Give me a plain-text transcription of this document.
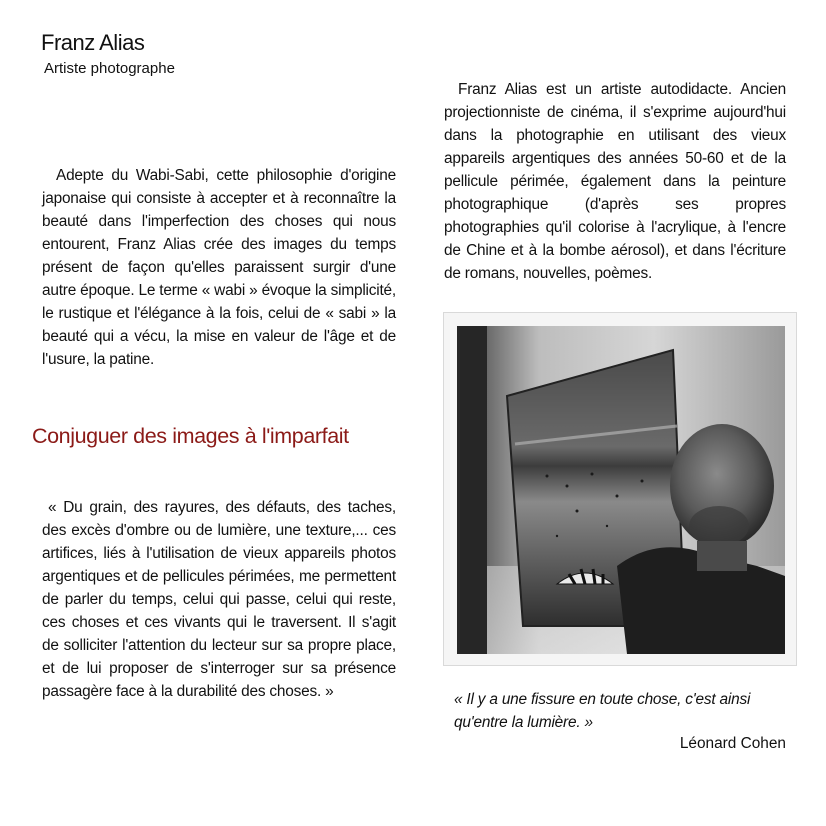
Franz Alias
Artiste photographe
Franz Alias est un artiste autodidacte. Ancien projectionniste de cinéma, il s'exprime aujourd'hui dans la photographie en utilisant des vieux appareils argentiques des années 50-60 et de la pellicule périmée, également dans la peinture photographique (d'après ses propres photographies qu'il colorise à l'acrylique, à l'encre de Chine et à la bombe aérosol), et dans l'écriture de romans, nouvelles, poèmes.
Adepte du Wabi-Sabi, cette philosophie d'origine japonaise qui consiste à accepter et à reconnaître la beauté dans l'imperfection des choses qui nous entourent, Franz Alias crée des images du temps présent de façon qu'elles paraissent surgir d'une autre époque. Le terme « wabi » évoque la simplicité, le rustique et l'élégance à la fois, celui de « sabi » la beauté qui a vécu, la mise en valeur de l'âge et de l'usure, la patine.
Conjuguer des images à l'imparfait
« Du grain, des rayures, des défauts, des taches, des excès d'ombre ou de lumière, une texture,... ces artifices, liés à l'utilisation de vieux appareils photos argentiques et de pellicules périmées, me permettent de parler du temps, celui qui passe, celui qui reste, ces choses et ces vivants qui le traversent. Il s'agit de solliciter l'attention du lecteur sur sa propre place, et de lui proposer de s'interroger sur sa présence passagère face à la durabilité des choses. »	« Il y a une fissure en toute chose, c'est ainsi qu'entre la lumière. »
Léonard Cohen
